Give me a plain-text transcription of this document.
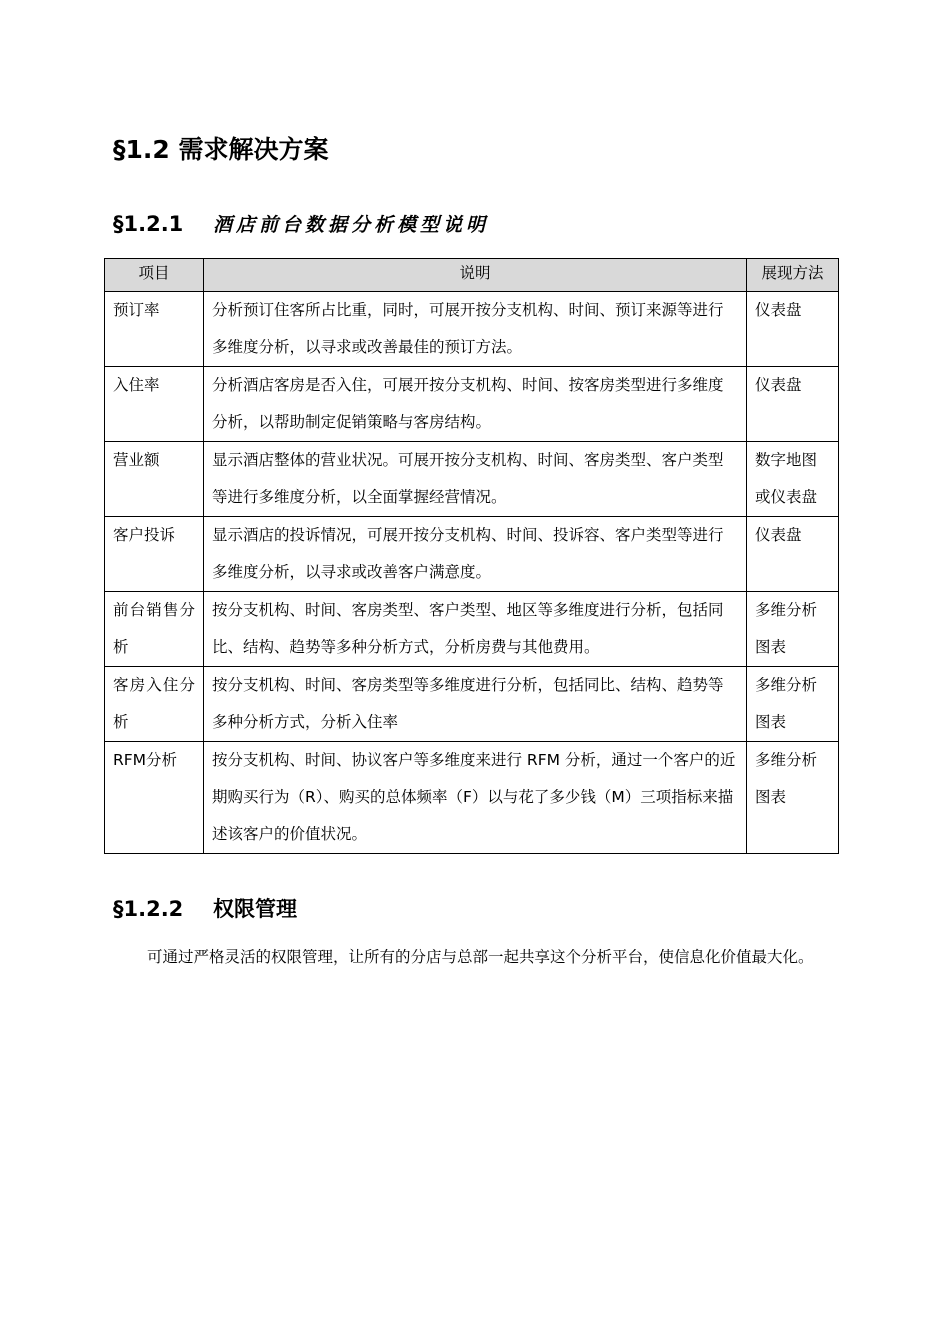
§1.2 需求解决方案
§1.2.1 酒店前台数据分析模型说明
项目	说明	展现方法
预订率	分析预订住客所占比重，同时，可展开按分支机构、时间、预订来源等进行多维度分析，以寻求或改善最佳的预订方法。	仪表盘
入住率	分析酒店客房是否入住，可展开按分支机构、时间、按客房类型进行多维度分析，以帮助制定促销策略与客房结构。	仪表盘
营业额	显示酒店整体的营业状况。可展开按分支机构、时间、客房类型、客户类型等进行多维度分析，以全面掌握经营情况。	数字地图或仪表盘
客户投诉	显示酒店的投诉情况，可展开按分支机构、时间、投诉容、客户类型等进行多维度分析，以寻求或改善客户满意度。	仪表盘
前台销售分析	按分支机构、时间、客房类型、客户类型、地区等多维度进行分析，包括同比、结构、趋势等多种分析方式，分析房费与其他费用。	多维分析图表
客房入住分析	按分支机构、时间、客房类型等多维度进行分析，包括同比、结构、趋势等多种分析方式，分析入住率	多维分析图表
RFM分析	按分支机构、时间、协议客户等多维度来进行 RFM 分析，通过一个客户的近期购买行为（R）、购买的总体频率（F）以与花了多少钱（M）三项指标来描述该客户的价值状况。	多维分析图表
§1.2.2 权限管理

可通过严格灵活的权限管理，让所有的分店与总部一起共享这个分析平台，使信息化价值最大化。
